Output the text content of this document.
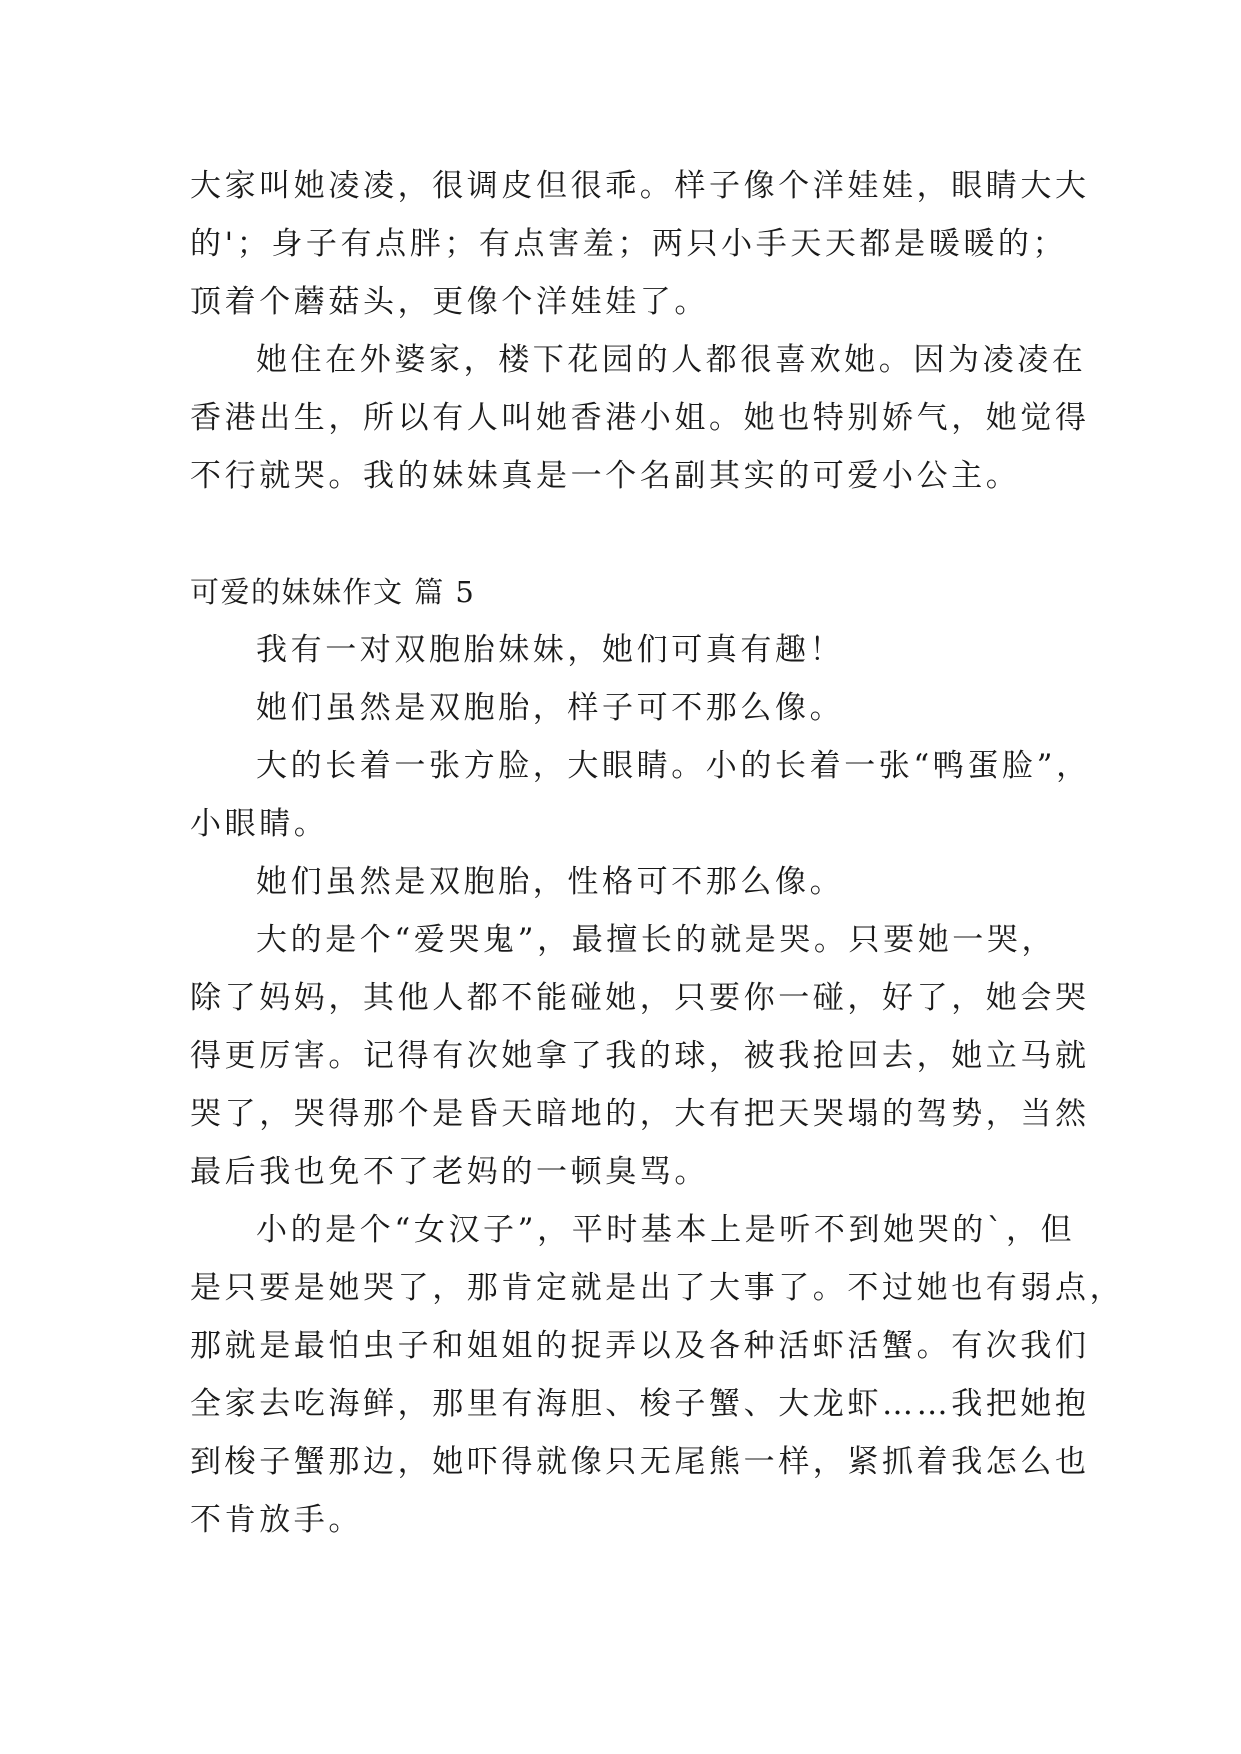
大家叫她凌凌，很调皮但很乖。样子像个洋娃娃，眼睛大大
的'；身子有点胖；有点害羞；两只小手天天都是暖暖的；
顶着个蘑菇头，更像个洋娃娃了。
她住在外婆家，楼下花园的人都很喜欢她。因为凌凌在
香港出生，所以有人叫她香港小姐。她也特别娇气，她觉得
不行就哭。我的妹妹真是一个名副其实的可爱小公主。
可爱的妹妹作文 篇 5
我有一对双胞胎妹妹，她们可真有趣！
她们虽然是双胞胎，样子可不那么像。
大的长着一张方脸，大眼睛。小的长着一张“鸭蛋脸”，
小眼睛。
她们虽然是双胞胎，性格可不那么像。
大的是个“爱哭鬼”，最擅长的就是哭。只要她一哭，
除了妈妈，其他人都不能碰她，只要你一碰，好了，她会哭
得更厉害。记得有次她拿了我的球，被我抢回去，她立马就
哭了，哭得那个是昏天暗地的，大有把天哭塌的驾势，当然
最后我也免不了老妈的一顿臭骂。
小的是个“女汉子”，平时基本上是听不到她哭的`，但
是只要是她哭了，那肯定就是出了大事了。不过她也有弱点，
那就是最怕虫子和姐姐的捉弄以及各种活虾活蟹。有次我们
全家去吃海鲜，那里有海胆、梭子蟹、大龙虾……我把她抱
到梭子蟹那边，她吓得就像只无尾熊一样，紧抓着我怎么也
不肯放手。
